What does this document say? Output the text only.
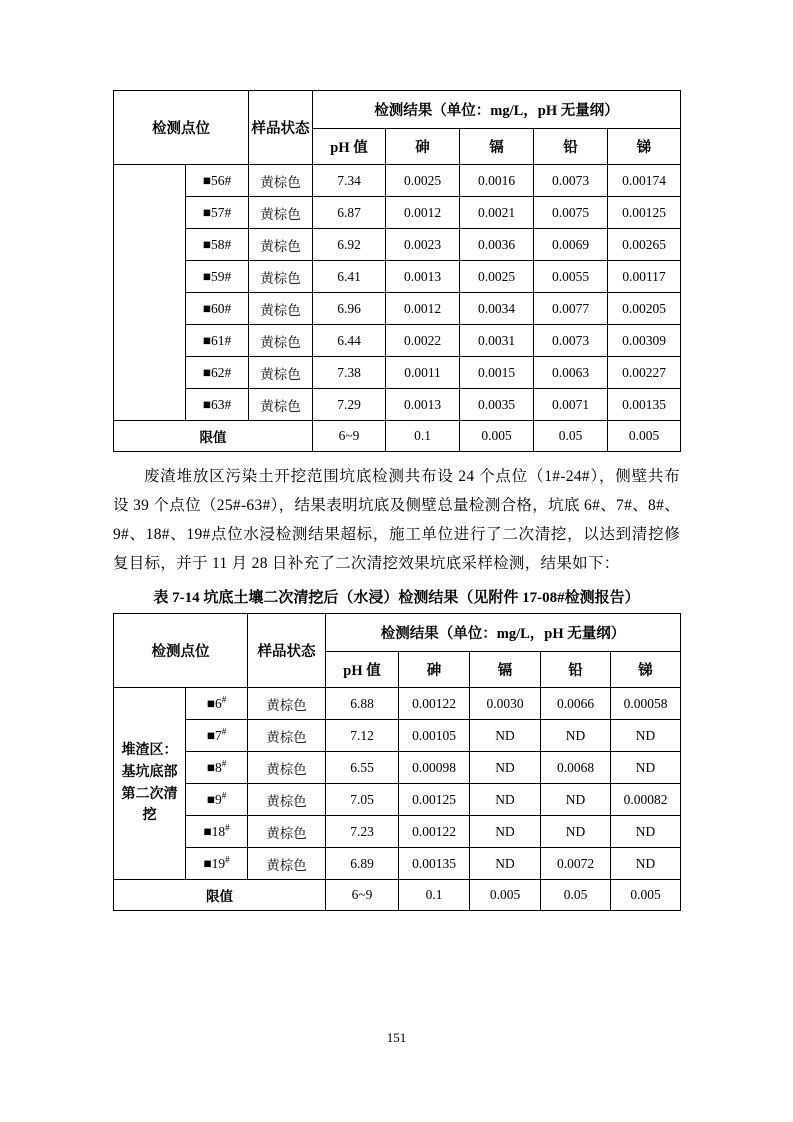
检测点位		样品状态	检测结果（单位：mg/L，pH 无量纲）				
			pH 值	砷	镉	铅	锑
	■56#	黄棕色	7.34	0.0025	0.0016	0.0073	0.00174
	■57#	黄棕色	6.87	0.0012	0.0021	0.0075	0.00125
	■58#	黄棕色	6.92	0.0023	0.0036	0.0069	0.00265
	■59#	黄棕色	6.41	0.0013	0.0025	0.0055	0.00117
	■60#	黄棕色	6.96	0.0012	0.0034	0.0077	0.00205
	■61#	黄棕色	6.44	0.0022	0.0031	0.0073	0.00309
	■62#	黄棕色	7.38	0.0011	0.0015	0.0063	0.00227
	■63#	黄棕色	7.29	0.0013	0.0035	0.0071	0.00135
限值			6~9	0.1	0.005	0.05	0.005

废渣堆放区污染土开挖范围坑底检测共布设 24 个点位（1#-24#），侧壁共布设 39 个点位（25#-63#），结果表明坑底及侧壁总量检测合格，坑底 6#、7#、8#、9#、18#、19#点位水浸检测结果超标，施工单位进行了二次清挖，以达到清挖修复目标，并于 11 月 28 日补充了二次清挖效果坑底采样检测，结果如下：

表 7-14 坑底土壤二次清挖后（水浸）检测结果（见附件 17-08#检测报告）
检测点位		样品状态	检测结果（单位：mg/L，pH 无量纲）				
			pH 值	砷	镉	铅	锑
堆渣区：基坑底部第二次清挖	■6#	黄棕色	6.88	0.00122	0.0030	0.0066	0.00058
	■7#	黄棕色	7.12	0.00105	ND	ND	ND
	■8#	黄棕色	6.55	0.00098	ND	0.0068	ND
	■9#	黄棕色	7.05	0.00125	ND	ND	0.00082
	■18#	黄棕色	7.23	0.00122	ND	ND	ND
	■19#	黄棕色	6.89	0.00135	ND	0.0072	ND
限值			6~9	0.1	0.005	0.05	0.005
151
